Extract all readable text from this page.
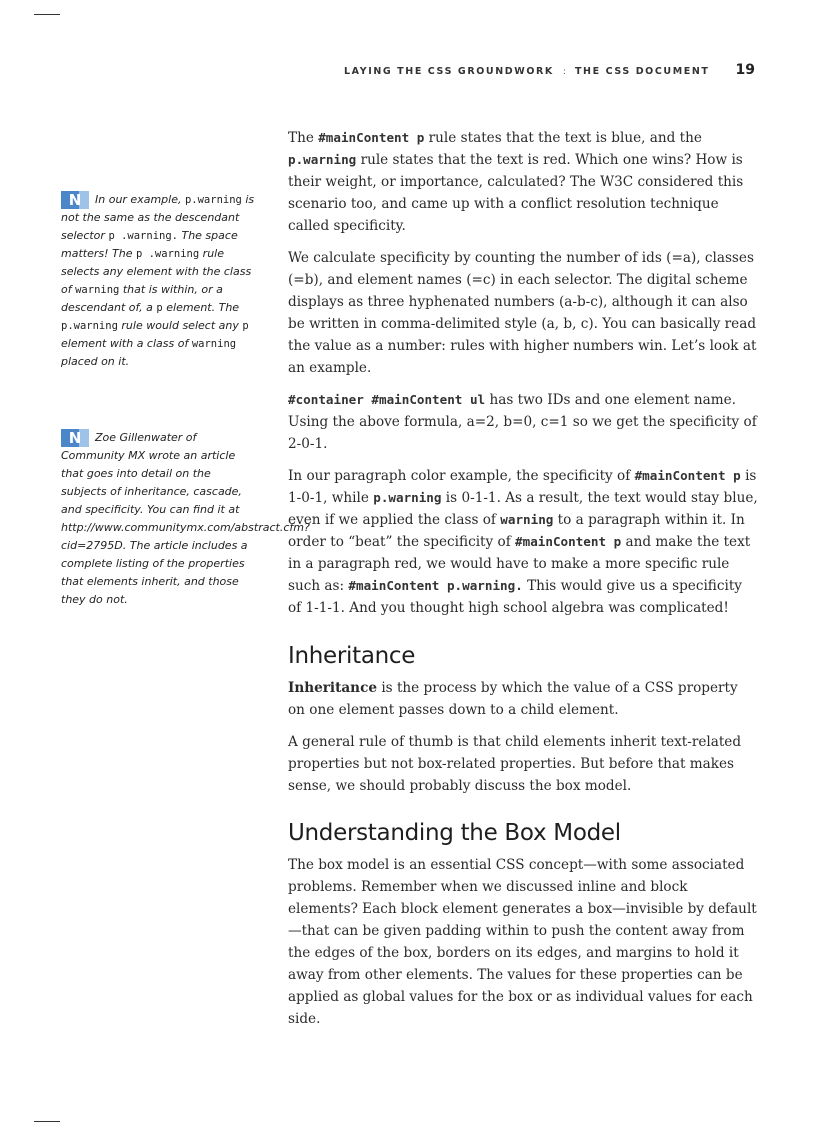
LAYING THE CSS GROUNDWORK : THE CSS DOCUMENT 19
N In our example, p.warning is not the same as the descendant selector p .warning. The space matters! The p .warning rule selects any element with the class of warning that is within, or a descendant of, a p element. The p.warning rule would select any p element with a class of warning placed on it.
N Zoe Gillenwater of Community MX wrote an article that goes into detail on the subjects of inheritance, cascade, and specificity. You can find it at http://www.communitymx.com/abstract.cfm?cid=2795D. The article includes a complete listing of the properties that elements inherit, and those they do not.

The #mainContent p rule states that the text is blue, and the p.warning rule states that the text is red. Which one wins? How is their weight, or importance, calculated? The W3C considered this scenario too, and came up with a conflict resolution technique called specificity.

We calculate specificity by counting the number of ids (=a), classes (=b), and element names (=c) in each selector. The digital scheme displays as three hyphenated numbers (a-b-c), although it can also be written in comma-delimited style (a, b, c). You can basically read the value as a number: rules with higher numbers win. Let’s look at an example.

#container #mainContent ul has two IDs and one element name. Using the above formula, a=2, b=0, c=1 so we get the specificity of 2-0-1.

In our paragraph color example, the specificity of #mainContent p is 1-0-1, while p.warning is 0-1-1. As a result, the text would stay blue, even if we applied the class of warning to a paragraph within it. In order to “beat” the specificity of #mainContent p and make the text in a paragraph red, we would have to make a more specific rule such as: #mainContent p.warning. This would give us a specificity of 1-1-1. And you thought high school algebra was complicated!

Inheritance

Inheritance is the process by which the value of a CSS property on one element passes down to a child element.

A general rule of thumb is that child elements inherit text-related properties but not box-related properties. But before that makes sense, we should probably discuss the box model.

Understanding the Box Model

The box model is an essential CSS concept—with some associated problems. Remember when we discussed inline and block elements? Each block element generates a box—invisible by default—that can be given padding within to push the content away from the edges of the box, borders on its edges, and margins to hold it away from other elements. The values for these properties can be applied as global values for the box or as individual values for each side.
